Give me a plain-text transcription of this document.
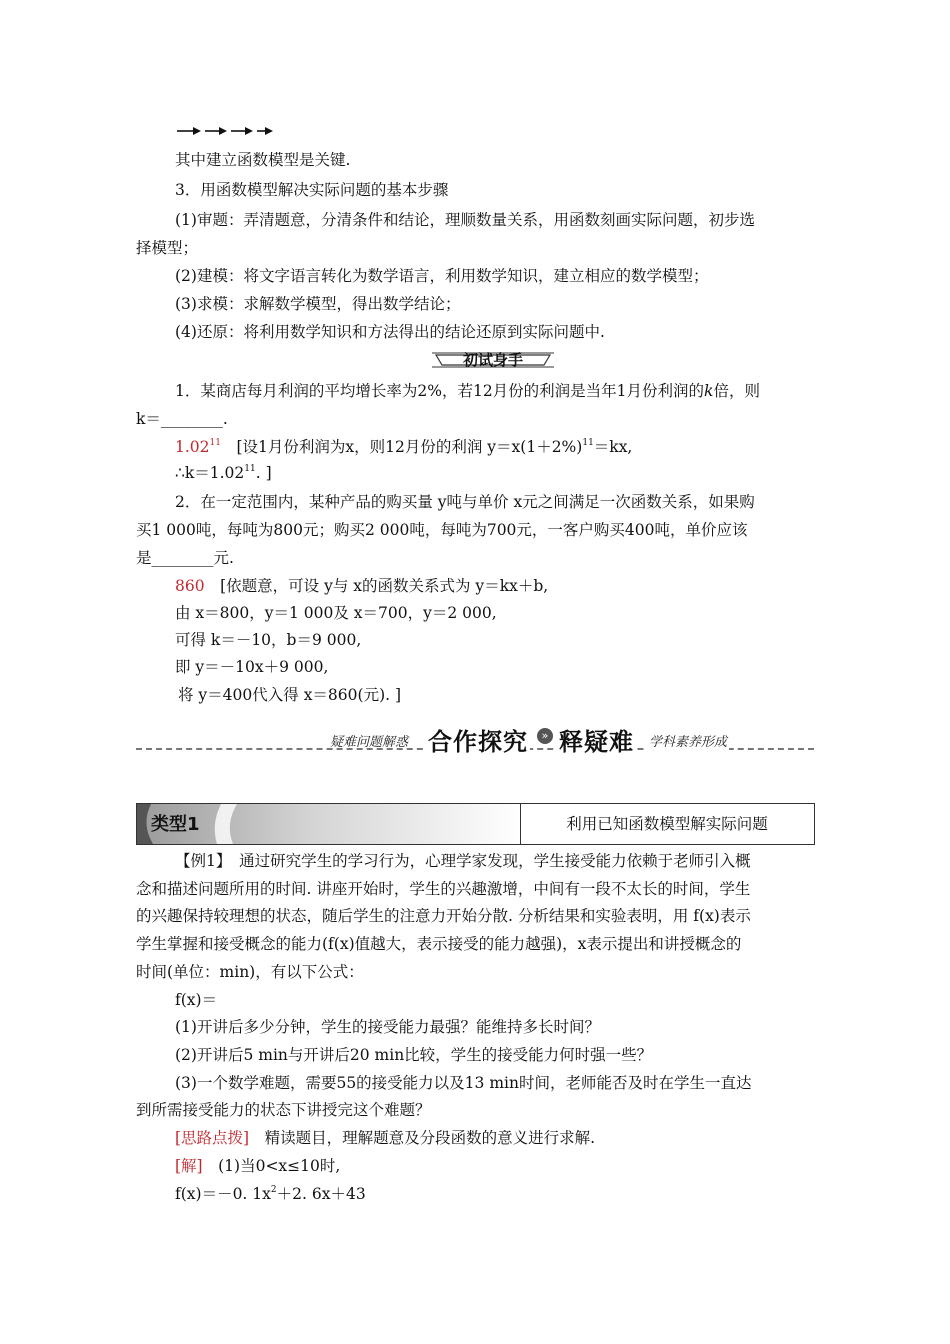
其中建立函数模型是关键.
3．用函数模型解决实际问题的基本步骤
(1)审题：弄清题意，分清条件和结论，理顺数量关系，用函数刻画实际问题，初步选
择模型；
(2)建模：将文字语言转化为数学语言，利用数学知识，建立相应的数学模型；
(3)求模：求解数学模型，得出数学结论；
(4)还原：将利用数学知识和方法得出的结论还原到实际问题中.
初试身手
1．某商店每月利润的平均增长率为2%，若12月份的利润是当年1月份利润的k倍，则
k＝________.
1.02$^{11}$　 [设1月份利润为x，则12月份的利润 $y=x(1+2\%)^{11}=kx$,
$\therefore k=1.02^{11}$. ]
2．在一定范围内，某种产品的购买量 y吨与单价 x元之间满足一次函数关系，如果购
买1 000吨，每吨为800元；购买2 000吨，每吨为700元，一客户购买400吨，单价应该
是________元.
860　 [依题意，可设 y与 x的函数关系式为 y＝kx＋b,
由 x＝800，y＝1 000及 x＝700，y＝2 000,
可得 k＝－10，b＝9 000,
即 y＝－10x＋9 000,
将 y＝400代入得 x＝860(元). ]
疑难问题解惑 合作探究	» 释疑难 学科素养形成
类型1	利用已知函数模型解实际问题
【例1】　通过研究学生的学习行为，心理学家发现，学生接受能力依赖于老师引入概
念和描述问题所用的时间. 讲座开始时，学生的兴趣激增，中间有一段不太长的时间，学生
的兴趣保持较理想的状态，随后学生的注意力开始分散. 分析结果和实验表明，用 f(x)表示
学生掌握和接受概念的能力(f(x)值越大，表示接受的能力越强)，x表示提出和讲授概念的
时间(单位：min)，有以下公式：
f(x)＝
(1)开讲后多少分钟，学生的接受能力最强？能维持多长时间？
(2)开讲后5 min与开讲后20 min比较，学生的接受能力何时强一些？
(3)一个数学难题，需要55的接受能力以及13 min时间，老师能否及时在学生一直达
到所需接受能力的状态下讲授完这个难题？
[思路点拨]　 精读题目，理解题意及分段函数的意义进行求解.
[解]　 (1)当0<x≤10时,
f(x)＝－0. $1x^2+2$. 6x＋43
